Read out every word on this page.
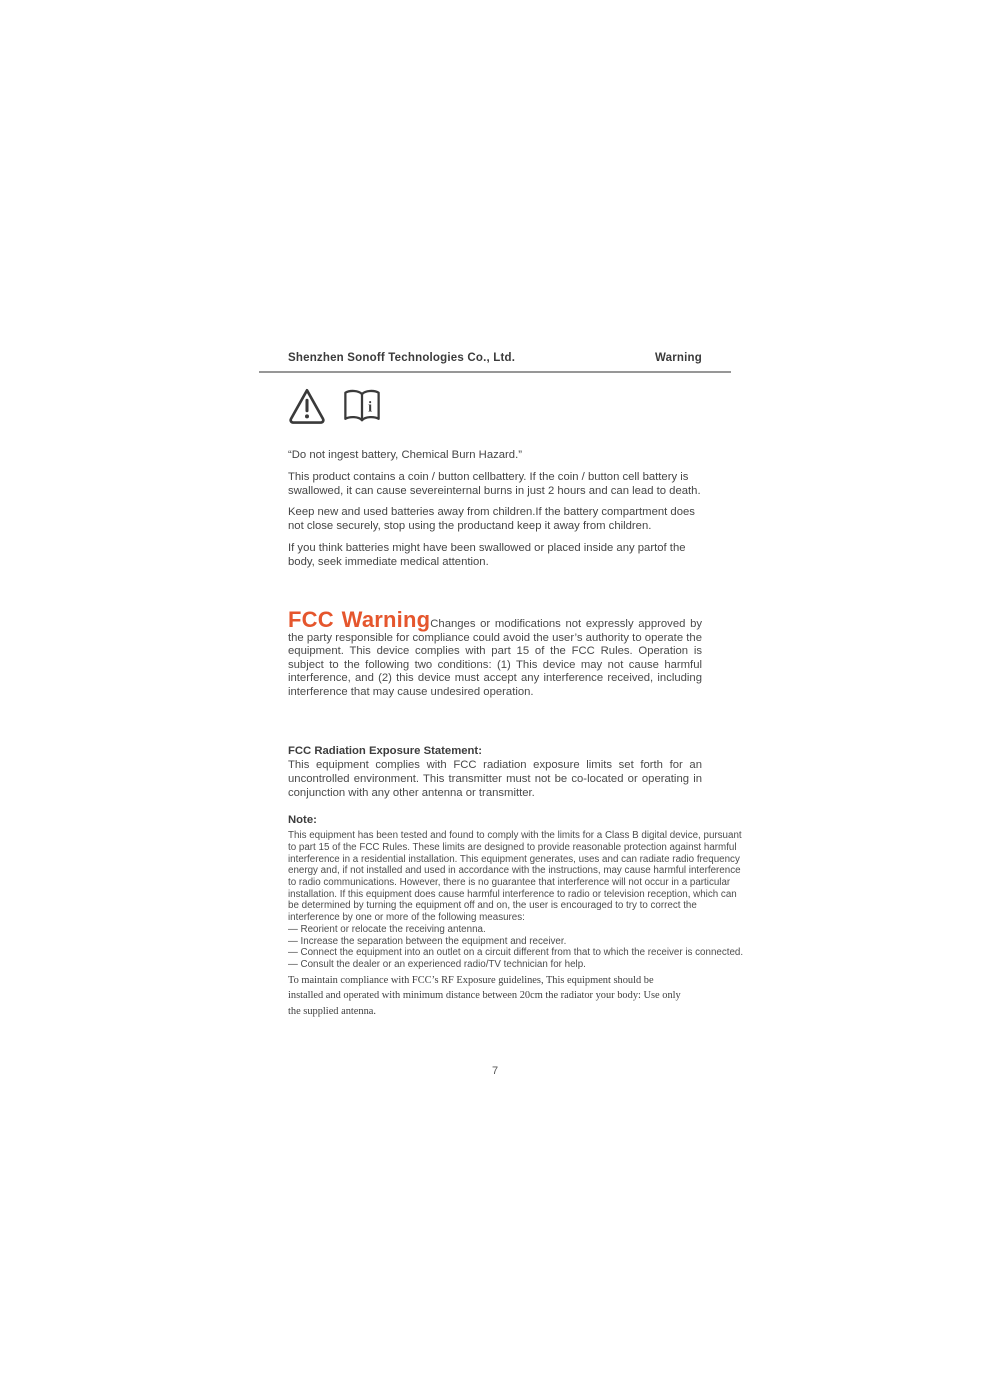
Shenzhen Sonoff Technologies Co., Ltd.	Warning
i

“Do not ingest battery, Chemical Burn Hazard.”

This product contains a coin / button cellbattery. If the coin / button cell battery is swallowed, it can cause severeinternal burns in just 2 hours and can lead to death.

Keep new and used batteries away from children.If the battery compartment does not close securely, stop using the productand keep it away from children.

If you think batteries might have been swallowed or placed inside any partof the body, seek immediate medical attention.

FCC WarningChanges or modifications not expressly approved by the party responsible for compliance could avoid the user’s authority to operate the equipment. This device complies with part 15 of the FCC Rules. Operation is subject to the following two conditions: (1) This device may not cause harmful interference, and (2) this device must accept any interference received, including interference that may cause undesired operation.

FCC Radiation Exposure Statement:

This equipment complies with FCC radiation exposure limits set forth for an uncontrolled environment. This transmitter must not be co-located or operating in conjunction with any other antenna or transmitter.

Note:

This equipment has been tested and found to comply with the limits for a Class B digital device, pursuant
to part 15 of the FCC Rules. These limits are designed to provide reasonable protection against harmful
interference in a residential installation. This equipment generates, uses and can radiate radio frequency
energy and, if not installed and used in accordance with the instructions, may cause harmful interference
to radio communications. However, there is no guarantee that interference will not occur in a particular
installation. If this equipment does cause harmful interference to radio or television reception, which can
be determined by turning the equipment off and on, the user is encouraged to try to correct the
interference by one or more of the following measures:
— Reorient or relocate the receiving antenna.
— Increase the separation between the equipment and receiver.
— Connect the equipment into an outlet on a circuit different from that to which the receiver is connected.
— Consult the dealer or an experienced radio/TV technician for help.

To maintain compliance with FCC’s RF Exposure guidelines, This equipment should be installed and operated with minimum distance between 20cm the radiator your body: Use only the supplied antenna.

7
